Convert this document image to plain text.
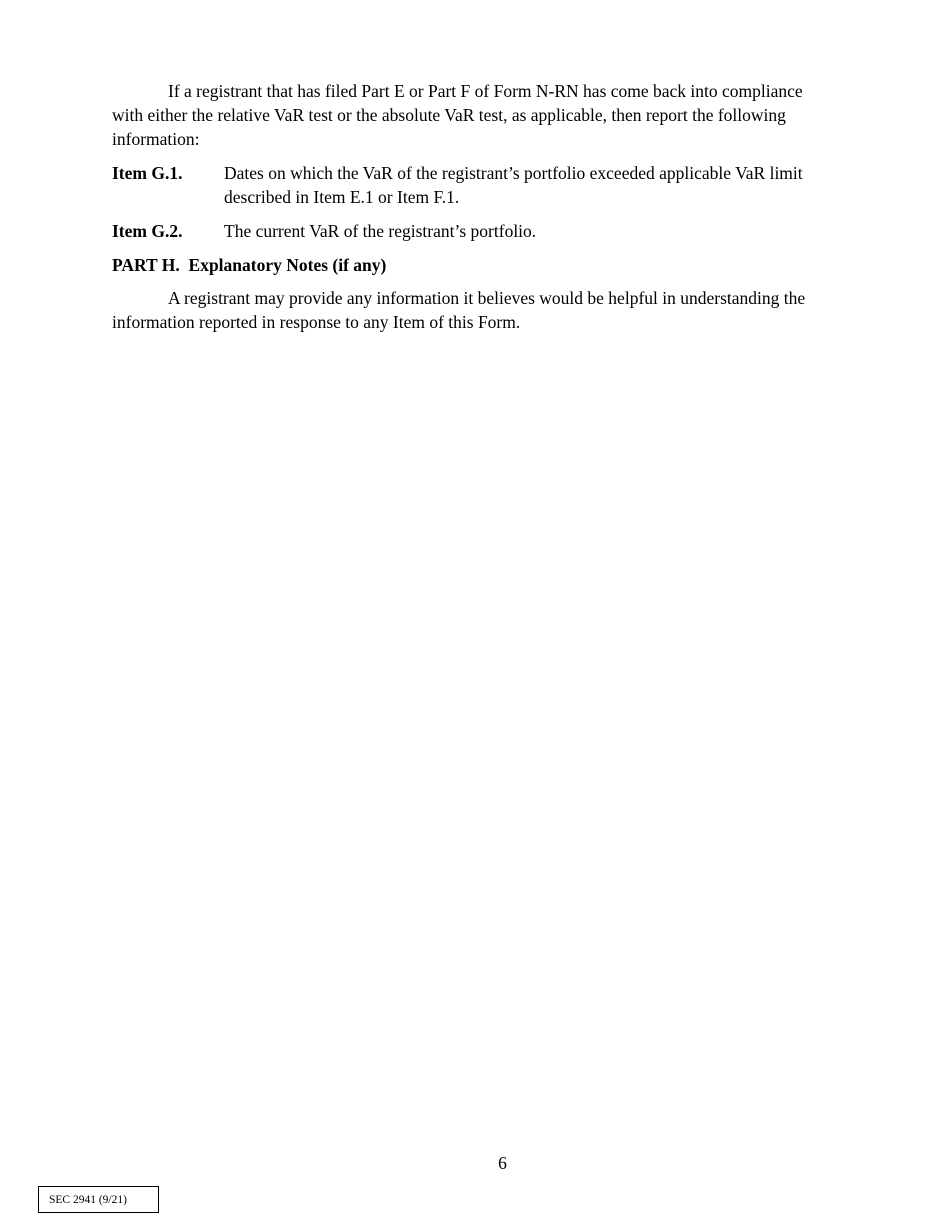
If a registrant that has filed Part E or Part F of Form N-RN has come back into compliance with either the relative VaR test or the absolute VaR test, as applicable, then report the following information:

Item G.1. Dates on which the VaR of the registrant’s portfolio exceeded applicable VaR limit described in Item E.1 or Item F.1.
Item G.2. The current VaR of the registrant’s portfolio.
PART H.  Explanatory Notes (if any)

A registrant may provide any information it believes would be helpful in understanding the information reported in response to any Item of this Form.

6
SEC 2941 (9/21)
